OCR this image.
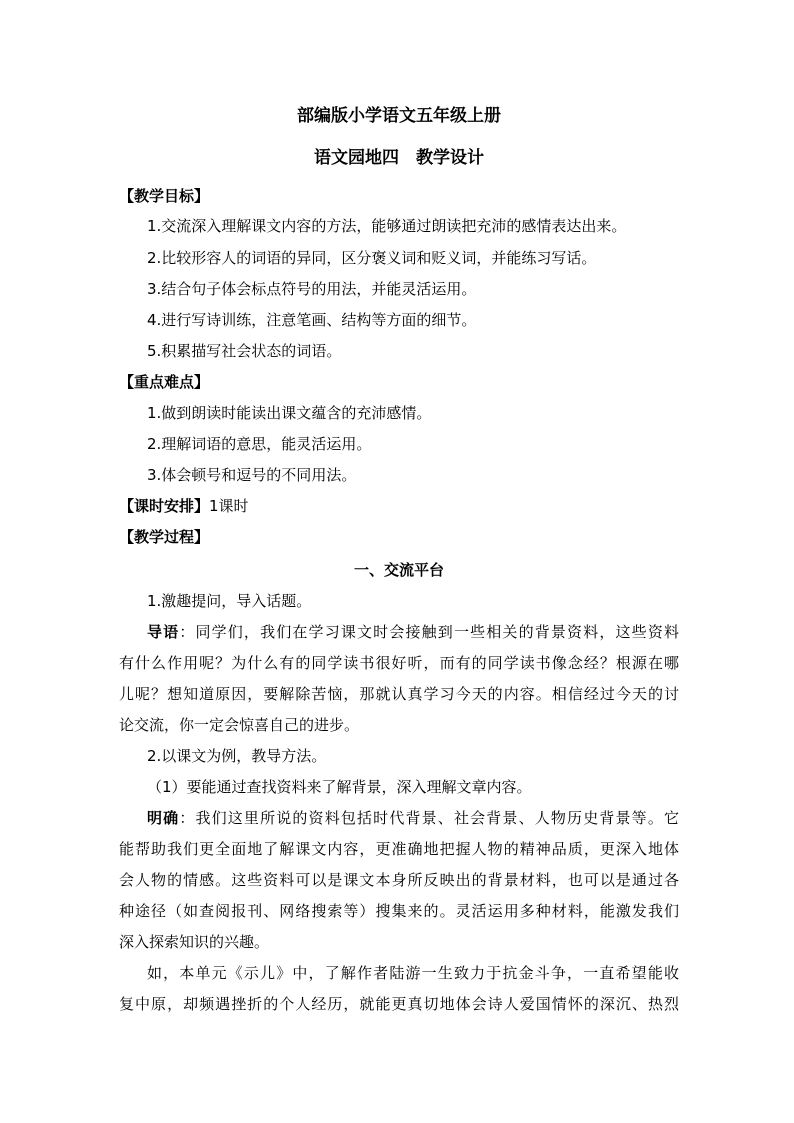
部编版小学语文五年级上册
语文园地四　教学设计
【教学目标】
1.交流深入理解课文内容的方法，能够通过朗读把充沛的感情表达出来。
2.比较形容人的词语的异同，区分褒义词和贬义词，并能练习写话。
3.结合句子体会标点符号的用法，并能灵活运用。
4.进行写诗训练，注意笔画、结构等方面的细节。
5.积累描写社会状态的词语。
【重点难点】
1.做到朗读时能读出课文蕴含的充沛感情。
2.理解词语的意思，能灵活运用。
3.体会顿号和逗号的不同用法。
【课时安排】1课时
【教学过程】
一、交流平台
1.激趣提问，导入话题。
导语：同学们，我们在学习课文时会接触到一些相关的背景资料，这些资料
有什么作用呢？为什么有的同学读书很好听，而有的同学读书像念经？根源在哪
儿呢？想知道原因，要解除苦恼，那就认真学习今天的内容。相信经过今天的讨
论交流，你一定会惊喜自己的进步。
2.以课文为例，教导方法。
（1）要能通过查找资料来了解背景，深入理解文章内容。
明确：我们这里所说的资料包括时代背景、社会背景、人物历史背景等。它
能帮助我们更全面地了解课文内容，更准确地把握人物的精神品质，更深入地体
会人物的情感。这些资料可以是课文本身所反映出的背景材料，也可以是通过各
种途径（如查阅报刊、网络搜索等）搜集来的。灵活运用多种材料，能激发我们
深入探索知识的兴趣。
如，本单元《示儿》中，了解作者陆游一生致力于抗金斗争，一直希望能收
复中原，却频遇挫折的个人经历，就能更真切地体会诗人爱国情怀的深沉、热烈
